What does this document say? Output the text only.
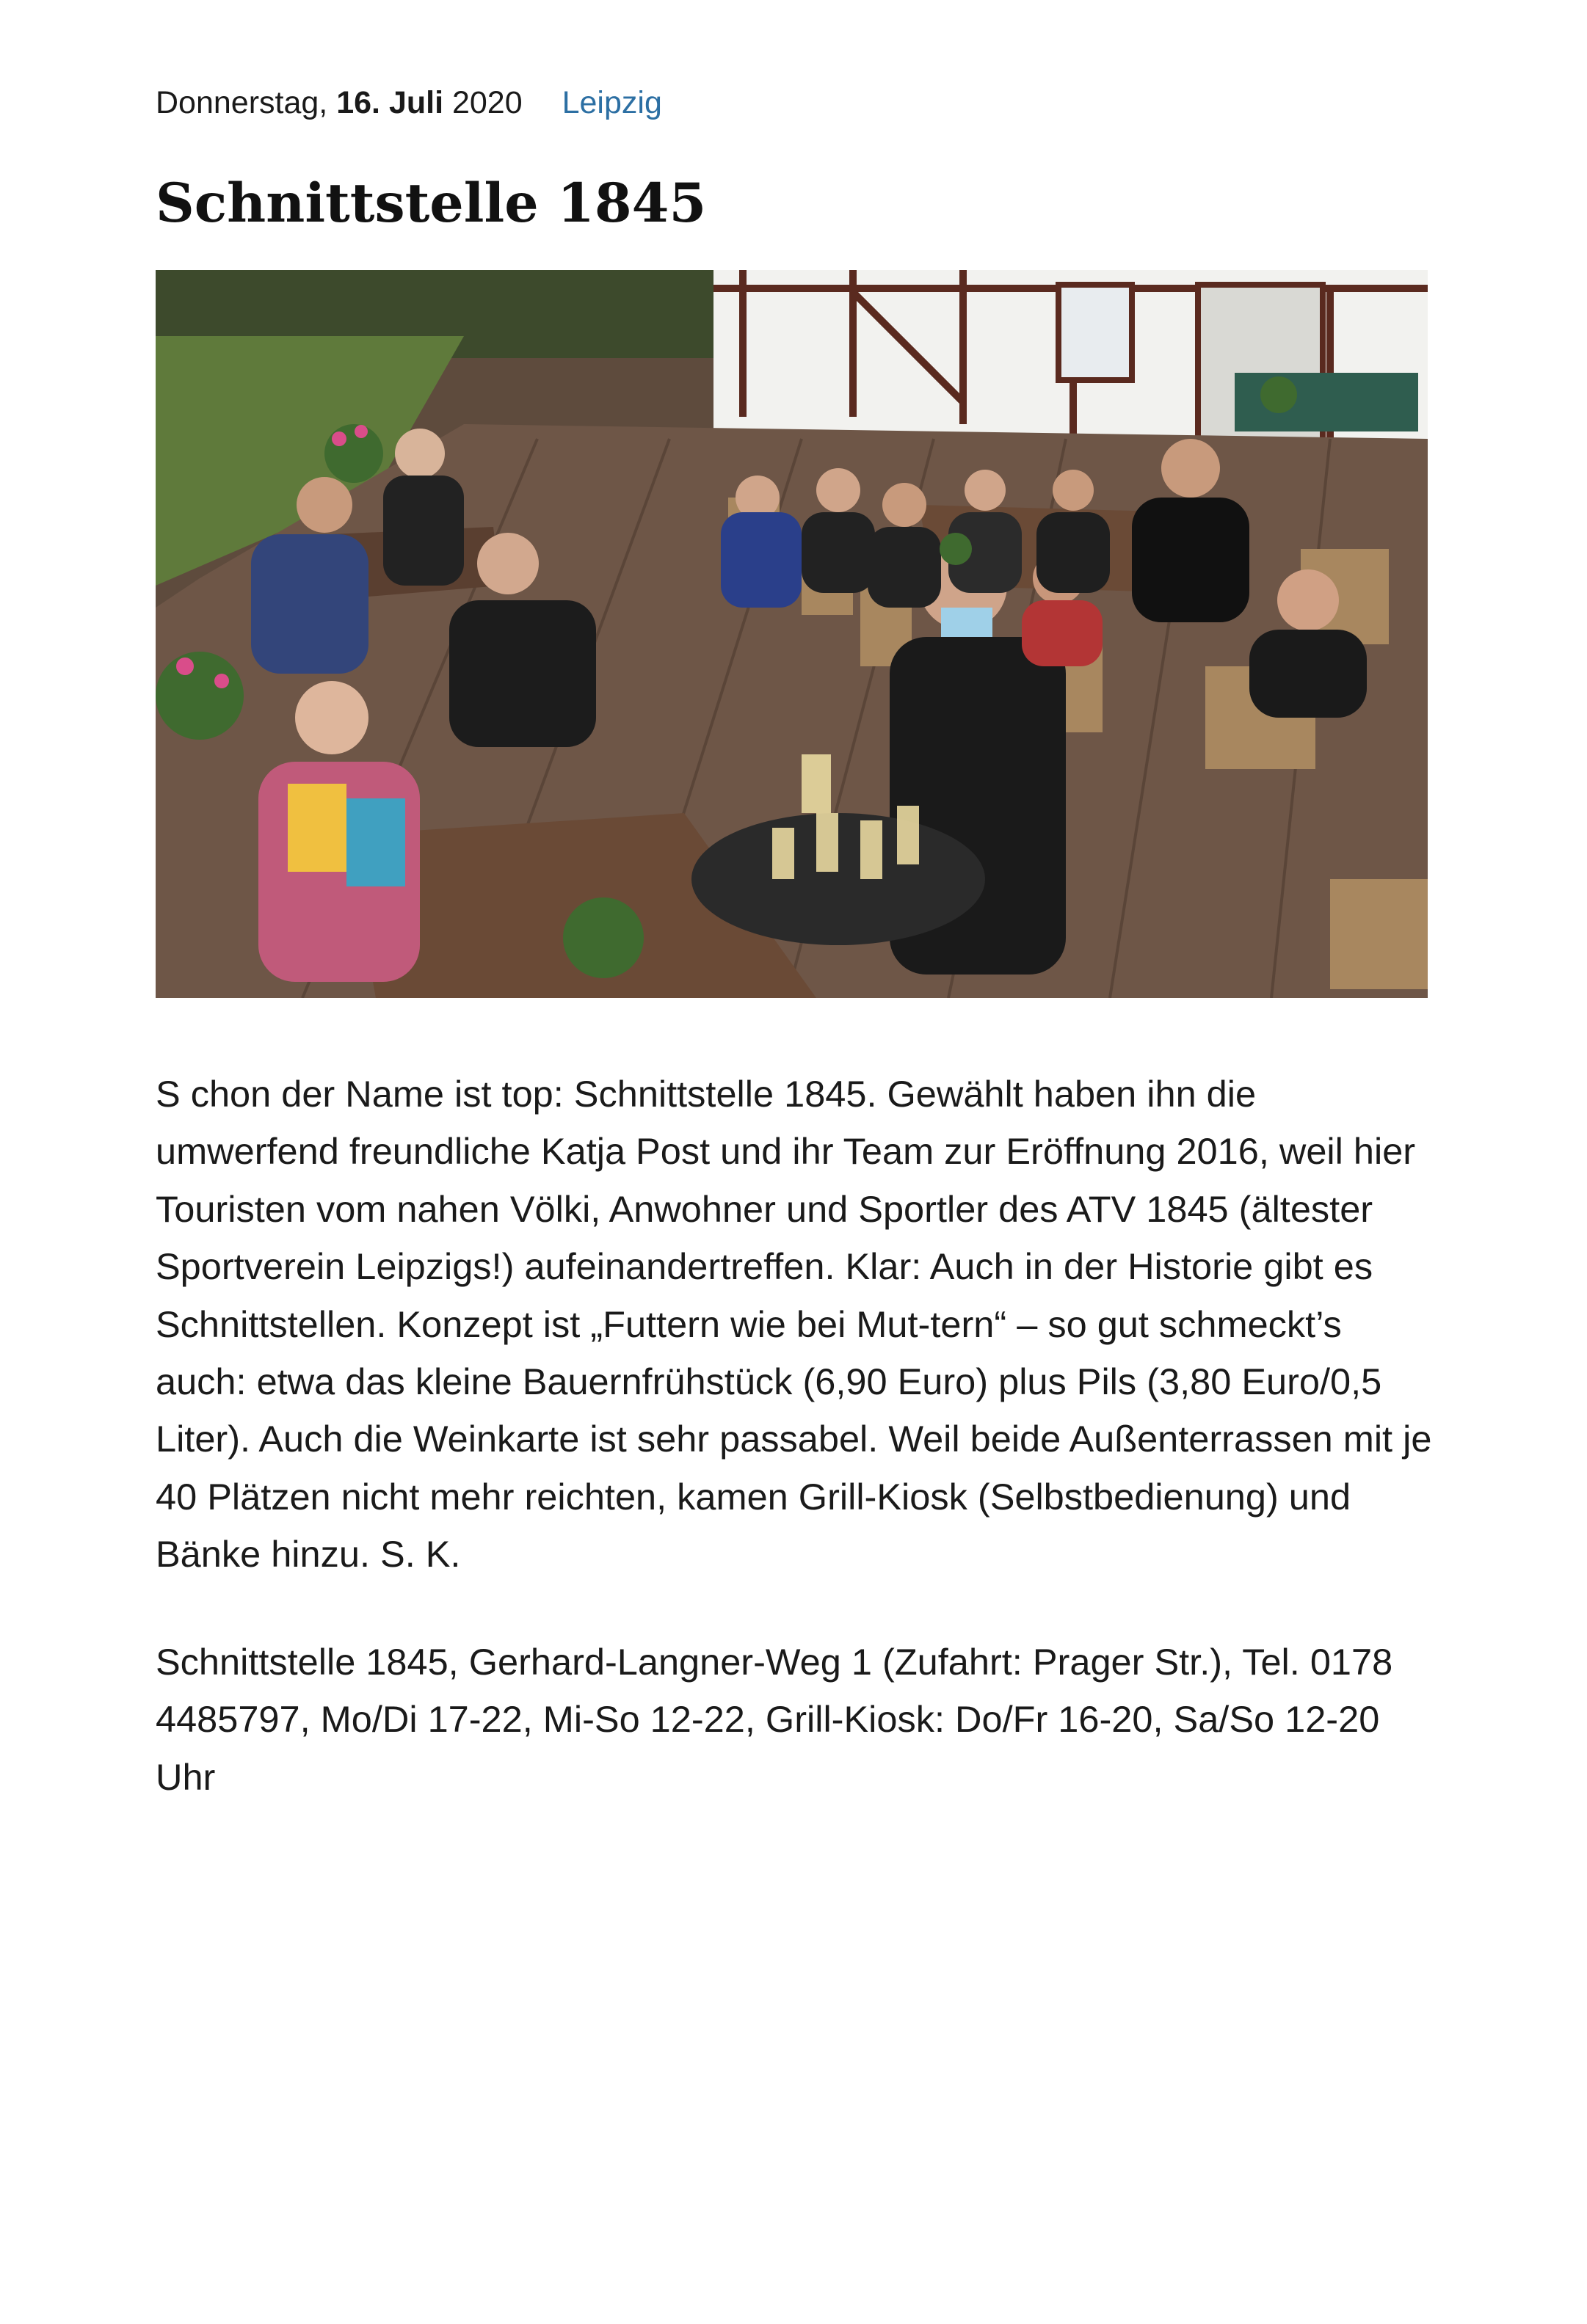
Donnerstag, 16. Juli 2020 Leipzig
Schnittstelle 1845

S chon der Name ist top: Schnittstelle 1845. Gewählt haben ihn die umwerfend freundliche Katja Post und ihr Team zur Eröffnung 2016, weil hier Touristen vom nahen Völki, Anwohner und Sportler des ATV 1845 (ältester Sportverein Leipzigs!) aufeinandertreffen. Klar: Auch in der Historie gibt es Schnittstellen. Konzept ist „Futtern wie bei Mut-tern“ – so gut schmeckt’s auch: etwa das kleine Bauernfrühstück (6,90 Euro) plus Pils (3,80 Euro/0,5 Liter). Auch die Weinkarte ist sehr passabel. Weil beide Außenterrassen mit je 40 Plätzen nicht mehr reichten, kamen Grill-Kiosk (Selbstbedienung) und Bänke hinzu. S. K.

Schnittstelle 1845, Gerhard-Langner-Weg 1 (Zufahrt: Prager Str.), Tel. 0178 4485797, Mo/Di 17-22, Mi-So 12-22, Grill-Kiosk: Do/Fr 16-20, Sa/So 12-20 Uhr
